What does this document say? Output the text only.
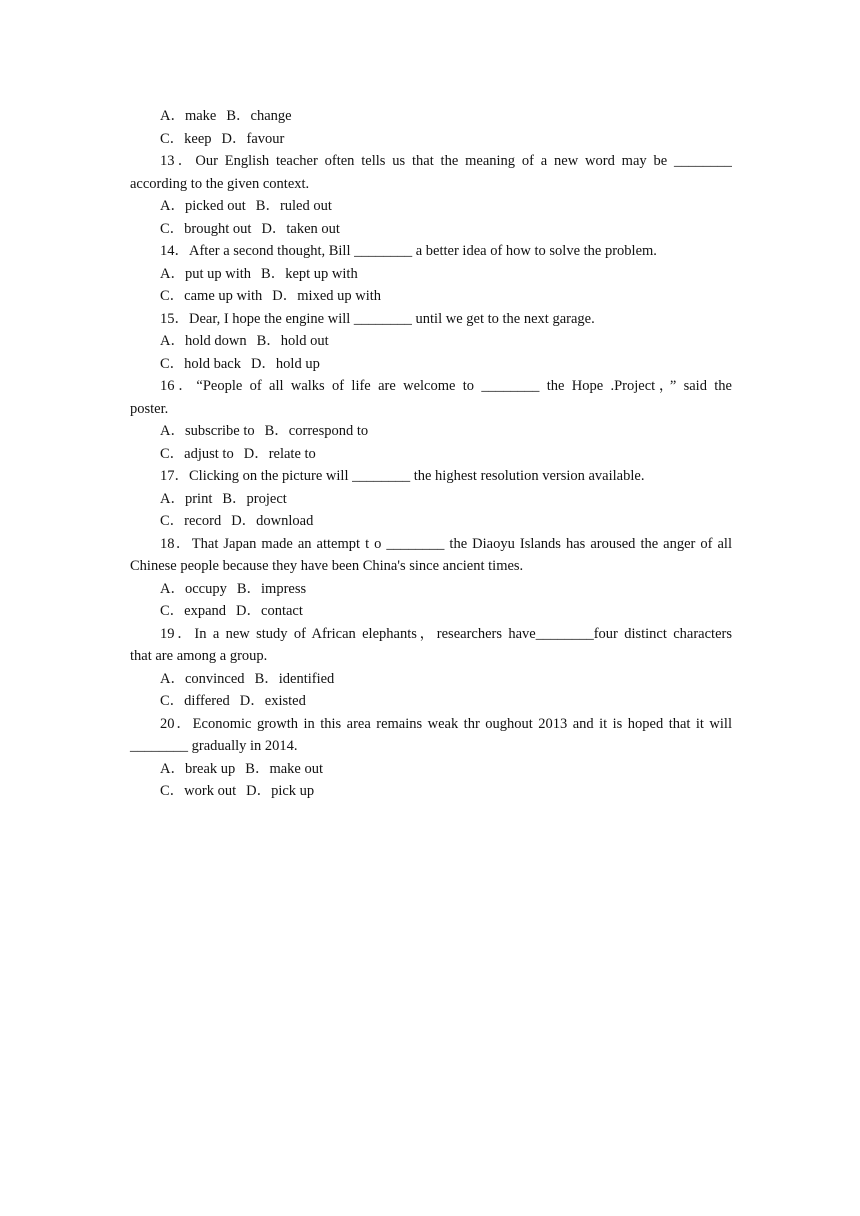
A．make B．change
C．keep D．favour
13．Our English teacher often tells us that the meaning of a new word may be ________
according to the given context.
A．picked out B．ruled out
C．brought out D．taken out
14．After a second thought, Bill ________ a better idea of how to solve the problem.
A．put up with B．kept up with
C．came up with D．mixed up with
15．Dear, I hope the engine will ________ until we get to the next garage.
A．hold down B．hold out
C．hold back D．hold up
16．“People of all walks of life are welcome to ________ the Hope .Project，” said the
poster.
A．subscribe to B．correspond to
C．adjust to D．relate to
17．Clicking on the picture will ________ the highest resolution version available.
A．print B．project
C．record D．download
18．That Japan made an attempt t o ________ the Diaoyu Islands has aroused the anger of all
Chinese people because they have been China's since ancient times.
A．occupy B．impress
C．expand D．contact
19．In a new study of African elephants，researchers have________four distinct characters
that are among a group.
A．convinced B．identified
C．differed D．existed
20．Economic growth in this area remains weak thr oughout 2013 and it is hoped that it will
________ gradually in 2014.
A．break up B．make out
C．work out D．pick up
